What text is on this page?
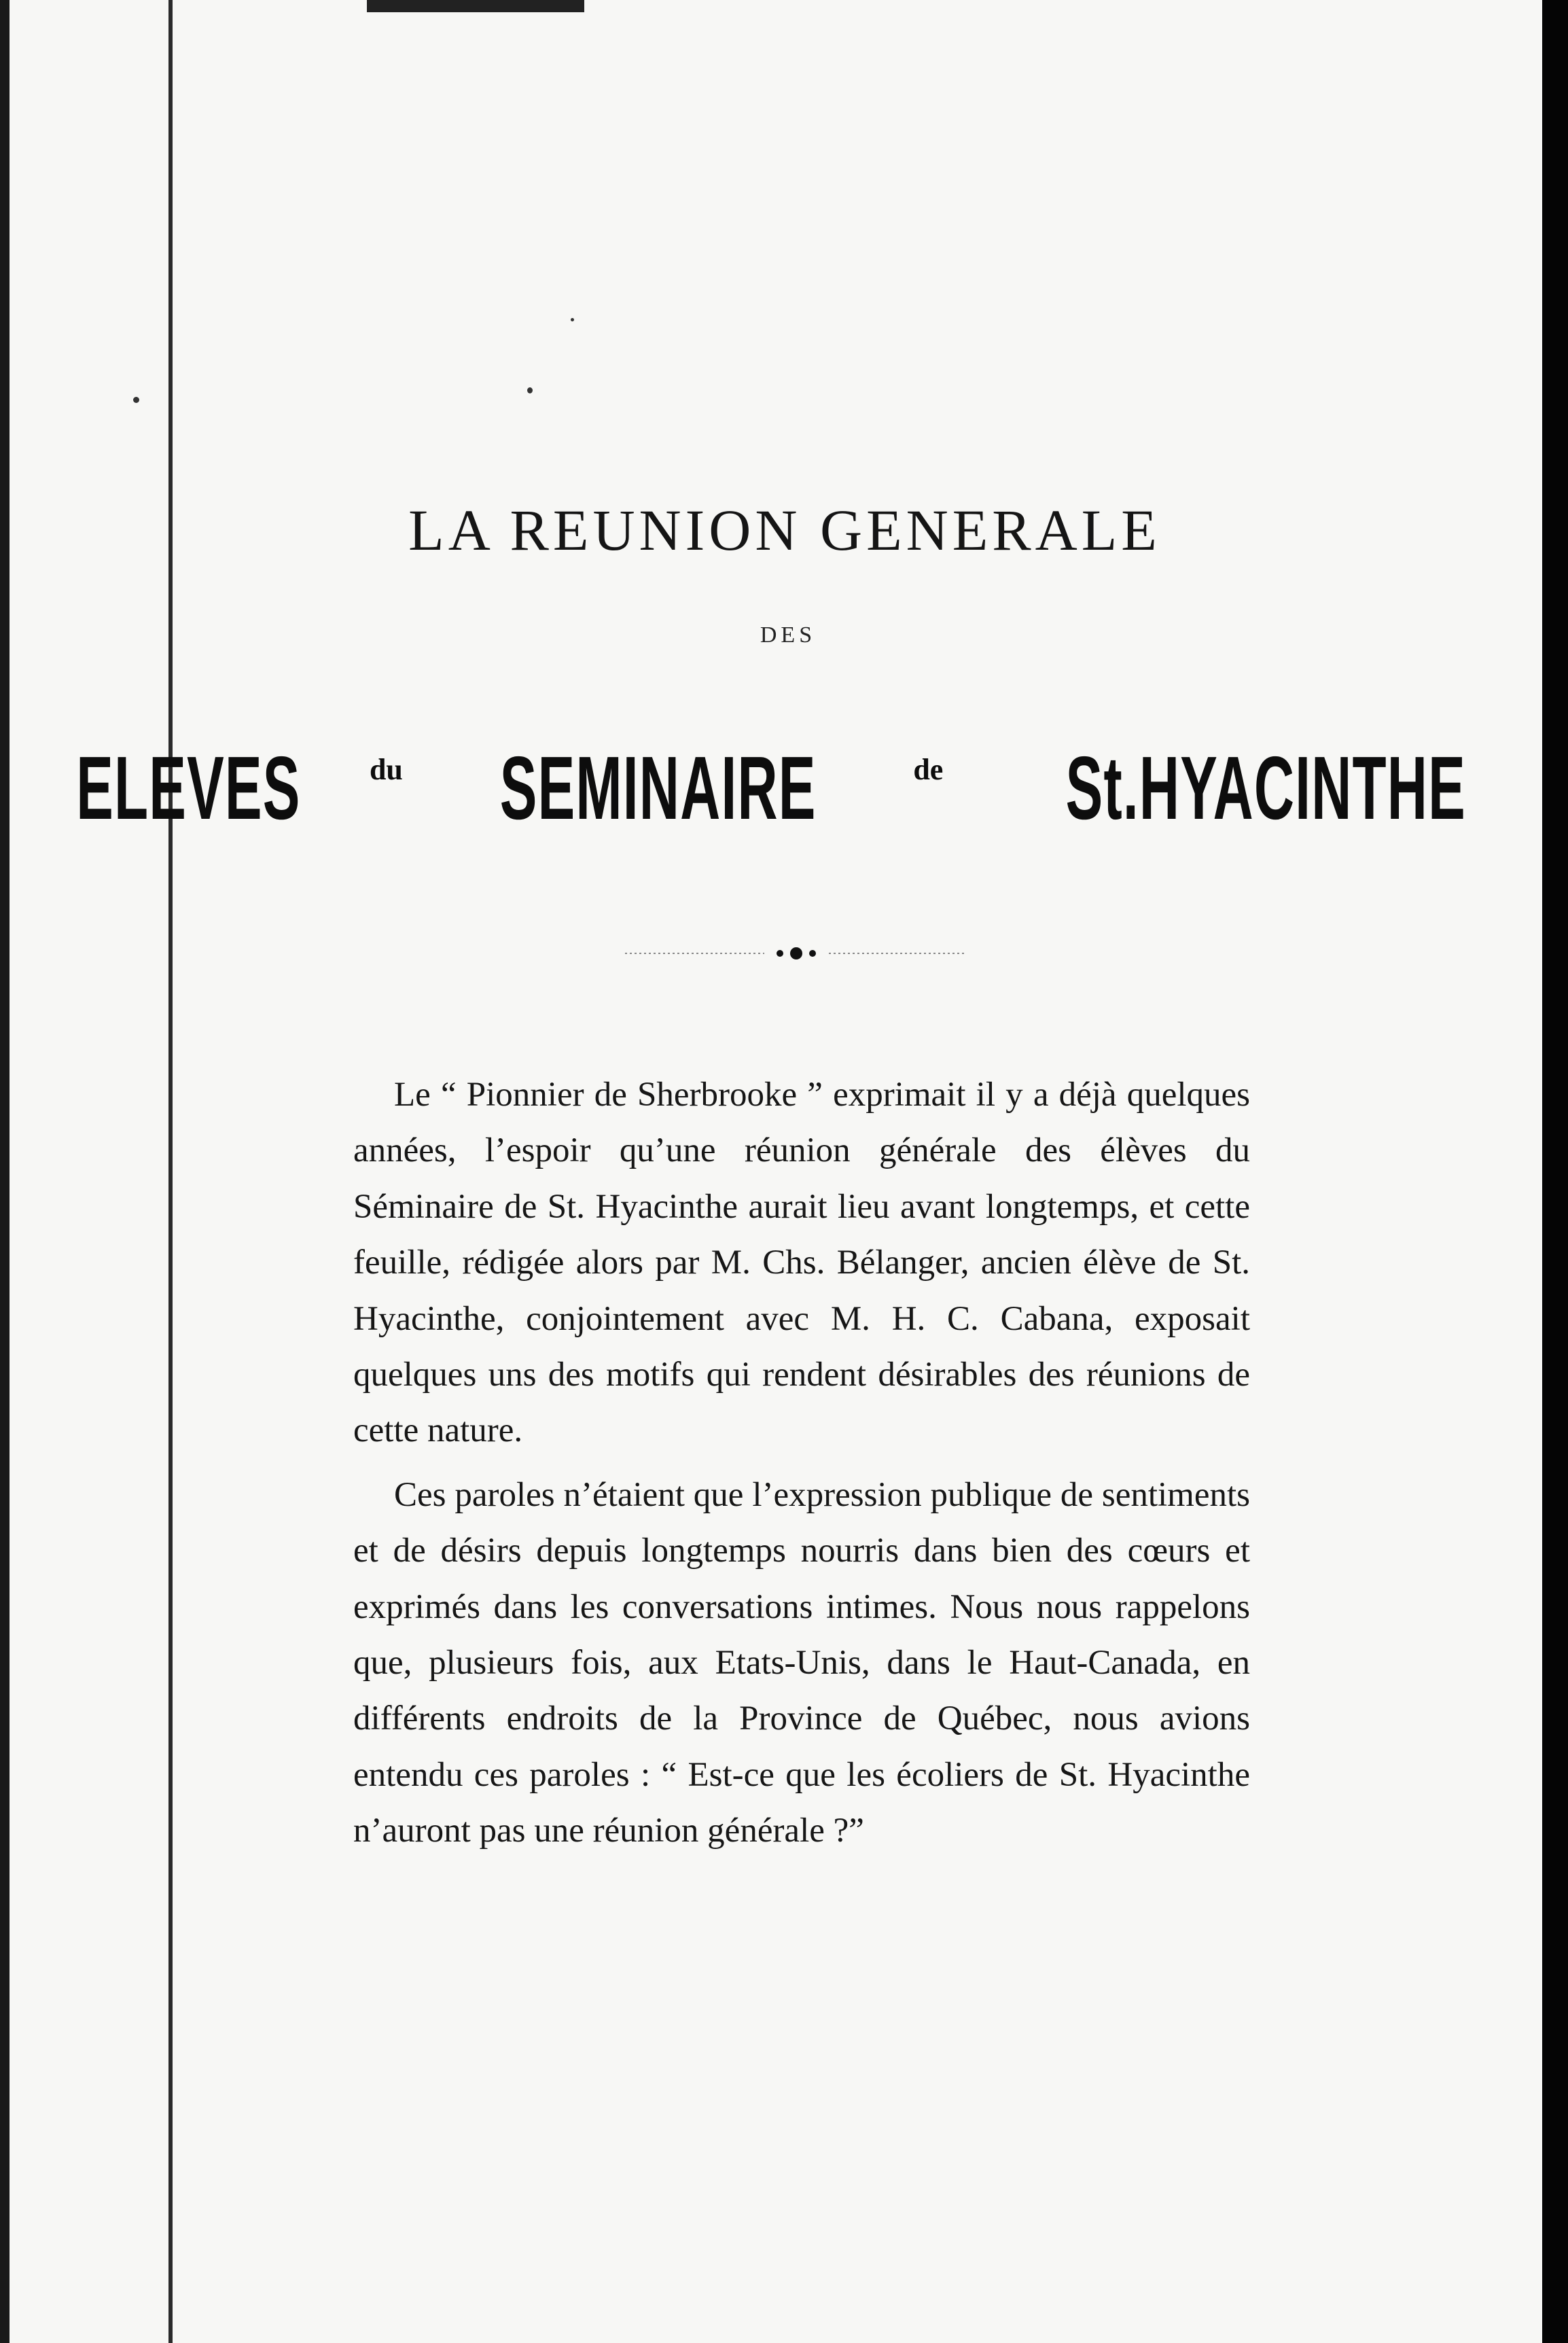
LA REUNION GENERALE
DES
ELEVES du SEMINAIRE	de St.HYACINTHE

Le “ Pionnier de Sherbrooke ” exprimait il y a déjà quelques années, l’espoir qu’une réunion générale des élèves du Séminaire de St. Hyacinthe aurait lieu avant longtemps, et cette feuille, rédigée alors par M. Chs. Bélanger, ancien élève de St. Hyacinthe, conjointement avec M. H. C. Cabana, exposait quelques uns des motifs qui rendent désirables des réunions de cette nature.

Ces paroles n’étaient que l’expression publique de sentiments et de désirs depuis longtemps nourris dans bien des cœurs et exprimés dans les conversations intimes. Nous nous rappelons que, plusieurs fois, aux Etats-Unis, dans le Haut-Canada, en différents endroits de la Province de Québec, nous avions entendu ces paroles : “ Est-ce que les écoliers de St. Hyacinthe n’auront pas une réunion générale ?”
